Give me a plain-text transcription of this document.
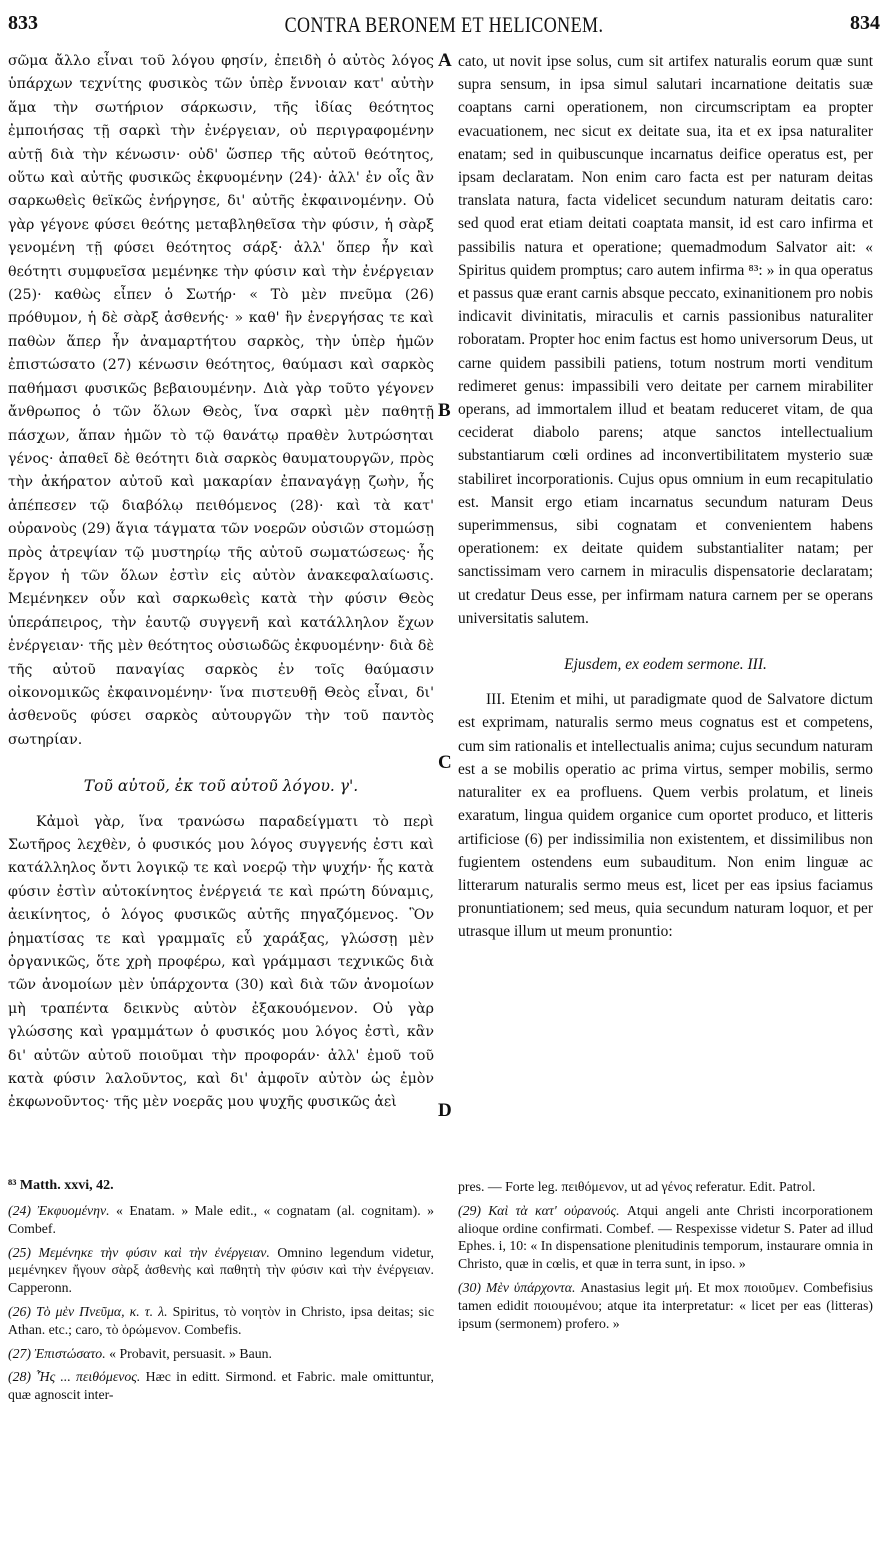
833	CONTRA BERONEM ET HELICONEM.	834

σῶμα ἄλλο εἶναι τοῦ λόγου φησίν, ἐπειδὴ ὁ αὐτὸς λόγος ὑπάρχων τεχνίτης φυσικὸς τῶν ὑπὲρ ἔννοιαν κατ' αὐτὴν ἅμα τὴν σωτήριον σάρκωσιν, τῆς ἰδίας θεότητος ἐμποιήσας τῇ σαρκὶ τὴν ἐνέργειαν, οὐ περιγραφομένην αὐτῇ διὰ τὴν κένωσιν· οὐδ' ὥσπερ τῆς αὐτοῦ θεότητος, οὕτω καὶ αὐτῆς φυσικῶς ἐκφυομένην (24)· ἀλλ' ἐν οἷς ἂν σαρκωθεὶς θεϊκῶς ἐνήργησε, δι' αὐτῆς ἐκφαινομένην. Οὐ γὰρ γέγονε φύσει θεότης μεταβληθεῖσα τὴν φύσιν, ἡ σὰρξ γενομένη τῇ φύσει θεότητος σάρξ· ἀλλ' ὅπερ ἦν καὶ θεότητι συμφυεῖσα μεμένηκε τὴν φύσιν καὶ τὴν ἐνέργειαν (25)· καθὼς εἶπεν ὁ Σωτήρ· « Τὸ μὲν πνεῦμα (26) πρόθυμον, ἡ δὲ σὰρξ ἀσθενής· » καθ' ἣν ἐνεργήσας τε καὶ παθὼν ἅπερ ἦν ἀναμαρτήτου σαρκὸς, τὴν ὑπὲρ ἡμῶν ἐπιστώσατο (27) κένωσιν θεότητος, θαύμασι καὶ σαρκὸς παθήμασι φυσικῶς βεβαιουμένην. Διὰ γὰρ τοῦτο γέγονεν ἄνθρωπος ὁ τῶν ὅλων Θεὸς, ἵνα σαρκὶ μὲν παθητῇ πάσχων, ἅπαν ἡμῶν τὸ τῷ θανάτῳ πραθὲν λυτρώσηται γένος· ἀπαθεῖ δὲ θεότητι διὰ σαρκὸς θαυματουργῶν, πρὸς τὴν ἀκήρατον αὐτοῦ καὶ μακαρίαν ἐπαναγάγῃ ζωὴν, ἧς ἀπέπεσεν τῷ διαβόλῳ πειθόμενος (28)· καὶ τὰ κατ' οὐρανοὺς (29) ἅγια τάγματα τῶν νοερῶν οὐσιῶν στομώσῃ πρὸς ἀτρεψίαν τῷ μυστηρίῳ τῆς αὐτοῦ σωματώσεως· ἧς ἔργον ἡ τῶν ὅλων ἐστὶν εἰς αὐτὸν ἀνακεφαλαίωσις. Μεμένηκεν οὖν καὶ σαρκωθεὶς κατὰ τὴν φύσιν Θεὸς ὑπεράπειρος, τὴν ἑαυτῷ συγγενῆ καὶ κατάλληλον ἔχων ἐνέργειαν· τῆς μὲν θεότητος οὐσιωδῶς ἐκφυομένην· διὰ δὲ τῆς αὐτοῦ παναγίας σαρκὸς ἐν τοῖς θαύμασιν οἰκονομικῶς ἐκφαινομένην· ἵνα πιστευθῇ Θεὸς εἶναι, δι' ἀσθενοῦς φύσει σαρκὸς αὐτουργῶν τὴν τοῦ παντὸς σωτηρίαν.

Τοῦ αὐτοῦ, ἐκ τοῦ αὐτοῦ λόγου. γ'.

Κἀμοὶ γὰρ, ἵνα τρανώσω παραδείγματι τὸ περὶ Σωτῆρος λεχθὲν, ὁ φυσικός μου λόγος συγγενής ἐστι καὶ κατάλληλος ὄντι λογικῷ τε καὶ νοερῷ τὴν ψυχήν· ἧς κατὰ φύσιν ἐστὶν αὐτοκίνητος ἐνέργειά τε καὶ πρώτη δύναμις, ἀεικίνητος, ὁ λόγος φυσικῶς αὐτῆς πηγαζόμενος. Ὃν ῥηματίσας τε καὶ γραμμαῖς εὖ χαράξας, γλώσσῃ μὲν ὀργανικῶς, ὅτε χρὴ προφέρω, καὶ γράμμασι τεχνικῶς διὰ τῶν ἀνομοίων μὲν ὑπάρχοντα (30) καὶ διὰ τῶν ἀνομοίων μὴ τραπέντα δεικνὺς αὐτὸν ἐξακουόμενον. Οὐ γὰρ γλώσσης καὶ γραμμάτων ὁ φυσικός μου λόγος ἐστὶ, κἂν δι' αὐτῶν αὐτοῦ ποιοῦμαι τὴν προφοράν· ἀλλ' ἐμοῦ τοῦ κατὰ φύσιν λαλοῦντος, καὶ δι' ἀμφοῖν αὐτὸν ὡς ἐμὸν ἐκφωνοῦντος· τῆς μὲν νοερᾶς μου ψυχῆς φυσικῶς ἀεὶ

A
B
C
D

cato, ut novit ipse solus, cum sit artifex naturalis eorum quæ sunt supra sensum, in ipsa simul salutari incarnatione deitatis suæ coaptans carni operationem, non circumscriptam ea propter evacuationem, nec sicut ex deitate sua, ita et ex ipsa naturaliter enatam; sed in quibuscunque incarnatus deifice operatus est, per ipsam declaratam. Non enim caro facta est per naturam deitas translata natura, facta videlicet secundum naturam deitatis caro: sed quod erat etiam deitati coaptata mansit, id est caro infirma et passibilis natura et operatione; quemadmodum Salvator ait: « Spiritus quidem promptus; caro autem infirma ⁸³: » in qua operatus et passus quæ erant carnis absque peccato, exinanitionem pro nobis indicavit divinitatis, miraculis et carnis passionibus naturaliter roboratam. Propter hoc enim factus est homo universorum Deus, ut carne quidem passibili patiens, totum nostrum morti venditum redimeret genus: impassibili vero deitate per carnem mirabiliter operans, ad immortalem illud et beatam reduceret vitam, de qua ceciderat diabolo parens; atque sanctos intellectualium substantiarum cœli ordines ad inconvertibilitatem mysterio suæ stabiliret incorporationis. Cujus opus omnium in eum recapitulatio est. Mansit ergo etiam incarnatus secundum naturam Deus superimmensus, sibi cognatam et convenientem habens operationem: ex deitate quidem substantialiter natam; per sanctissimam vero carnem in miraculis dispensatorie declaratam; ut credatur Deus esse, per infirmam natura carnem per se operans universitatis salutem.

Ejusdem, ex eodem sermone. III.

III. Etenim et mihi, ut paradigmate quod de Salvatore dictum est exprimam, naturalis sermo meus cognatus est et competens, cum sim rationalis et intellectualis anima; cujus secundum naturam est a se mobilis operatio ac prima virtus, semper mobilis, sermo naturaliter ex ea profluens. Quem verbis prolatum, et lineis exaratum, lingua quidem organice cum oportet produco, et litteris artificiose (6) per indissimilia non existentem, et dissimilibus non fugientem ostendens eum subauditum. Non enim linguæ ac litterarum naturalis sermo meus est, licet per eas ipsius faciamus pronuntiationem; sed meus, quia secundum naturam loquor, et per utrasque illum ut meum pronuntio:

⁸³ Matth. xxvi, 42.

(24) Ἐκφυομένην. « Enatam. » Male edit., « cognatam (al. cognitam). » Combef.

(25) Μεμένηκε τὴν φύσιν καὶ τὴν ἐνέργειαν. Omnino legendum videtur, μεμένηκεν ἤγουν σὰρξ ἀσθενὴς καὶ παθητὴ τὴν φύσιν καὶ τὴν ἐνέργειαν. Capperonn.

(26) Τὸ μὲν Πνεῦμα, κ. τ. λ. Spiritus, τὸ νοητὸν in Christo, ipsa deitas; sic Athan. etc.; caro, τὸ ὁρώμενον. Combefis.

(27) Ἐπιστώσατο. « Probavit, persuasit. » Baun.

(28) Ἧς ... πειθόμενος. Hæc in editt. Sirmond. et Fabric. male omittuntur, quæ agnoscit inter-

pres. — Forte leg. πειθόμενον, ut ad γένος referatur. Edit. Patrol.

(29) Καὶ τὰ κατ' οὐρανούς. Atqui angeli ante Christi incorporationem alioque ordine confirmati. Combef. — Respexisse videtur S. Pater ad illud Ephes. i, 10: « In dispensatione plenitudinis temporum, instaurare omnia in Christo, quæ in cœlis, et quæ in terra sunt, in ipso. »

(30) Μὲν ὑπάρχοντα. Anastasius legit μή. Et mox ποιοῦμεν. Combefisius tamen edidit ποιουμένου; atque ita interpretatur: « licet per eas (litteras) ipsum (sermonem) profero. »
